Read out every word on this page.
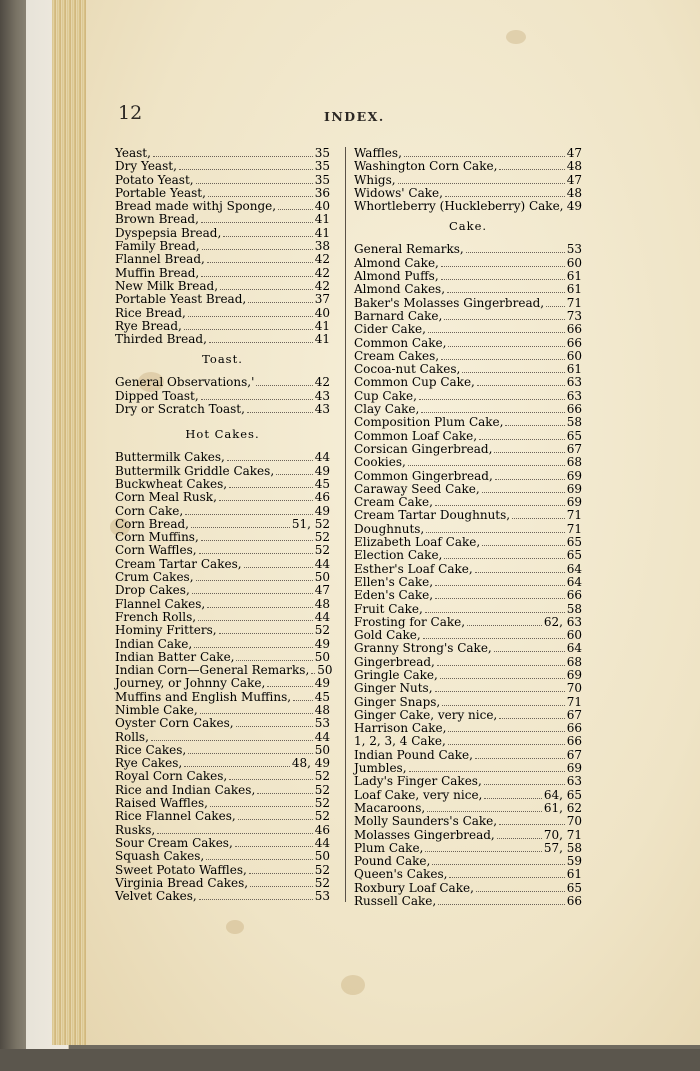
12	INDEX.
Yeast,	35
Dry Yeast,	35
Potato Yeast,	35
Portable Yeast,	36
Bread made withj Sponge,	40
Brown Bread,	41
Dyspepsia Bread,	41
Family Bread,	38
Flannel Bread,	42
Muffin Bread,	42
New Milk Bread,	42
Portable Yeast Bread,	37
Rice Bread,	40
Rye Bread,	41
Thirded Bread,	41
Toast.
General Observations,'	42
Dipped Toast,	43
Dry or Scratch Toast,	43
Hot Cakes.
Buttermilk Cakes,	44
Buttermilk Griddle Cakes,	49
Buckwheat Cakes,	45
Corn Meal Rusk,	46
Corn Cake,	49
Corn Bread,	51, 52
Corn Muffins,	52
Corn Waffles,	52
Cream Tartar Cakes,	44
Crum Cakes,	50
Drop Cakes,	47
Flannel Cakes,	48
French Rolls,	44
Hominy Fritters,	52
Indian Cake,	49
Indian Batter Cake,	50
Indian Corn—General Remarks, 50
Journey, or Johnny Cake,	49
Muffins and English Muffins, 45
Nimble Cake,	48
Oyster Corn Cakes,	53
Rolls,	44
Rice Cakes,	50
Rye Cakes,	48, 49
Royal Corn Cakes,	52
Rice and Indian Cakes,	52
Raised Waffles,	52
Rice Flannel Cakes,	52
Rusks,	46
Sour Cream Cakes,	44
Squash Cakes,	50
Sweet Potato Waffles,	52
Virginia Bread Cakes,	52
Velvet Cakes,	53
Waffles,	47
Washington Corn Cake,	48
Whigs,	47
Widows' Cake,	48
Whortleberry (Huckleberry) Cake, 49
Cake.
General Remarks,	53
Almond Cake,	60
Almond Puffs,	61
Almond Cakes,	61
Baker's Molasses Gingerbread, 71
Barnard Cake,	73
Cider Cake,	66
Common Cake,	66
Cream Cakes,	60
Cocoa-nut Cakes,	61
Common Cup Cake,	63
Cup Cake,	63
Clay Cake,	66
Composition Plum Cake,	58
Common Loaf Cake,	65
Corsican Gingerbread,	67
Cookies,	68
Common Gingerbread,	69
Caraway Seed Cake,	69
Cream Cake,	69
Cream Tartar Doughnuts,	71
Doughnuts,	71
Elizabeth Loaf Cake,	65
Election Cake,	65
Esther's Loaf Cake,	64
Ellen's Cake,	64
Eden's Cake,	66
Fruit Cake,	58
Frosting for Cake,	62, 63
Gold Cake,	60
Granny Strong's Cake,	64
Gingerbread,	68
Gringle Cake,	69
Ginger Nuts,	70
Ginger Snaps,	71
Ginger Cake, very nice,	67
Harrison Cake,	66
1, 2, 3, 4 Cake,	66
Indian Pound Cake,	67
Jumbles,	69
Lady's Finger Cakes,	63
Loaf Cake, very nice,	64, 65
Macaroons,	61, 62
Molly Saunders's Cake,	70
Molasses Gingerbread,	70, 71
Plum Cake,	57, 58
Pound Cake,	59
Queen's Cakes,	61
Roxbury Loaf Cake,	65
Russell Cake,	66
